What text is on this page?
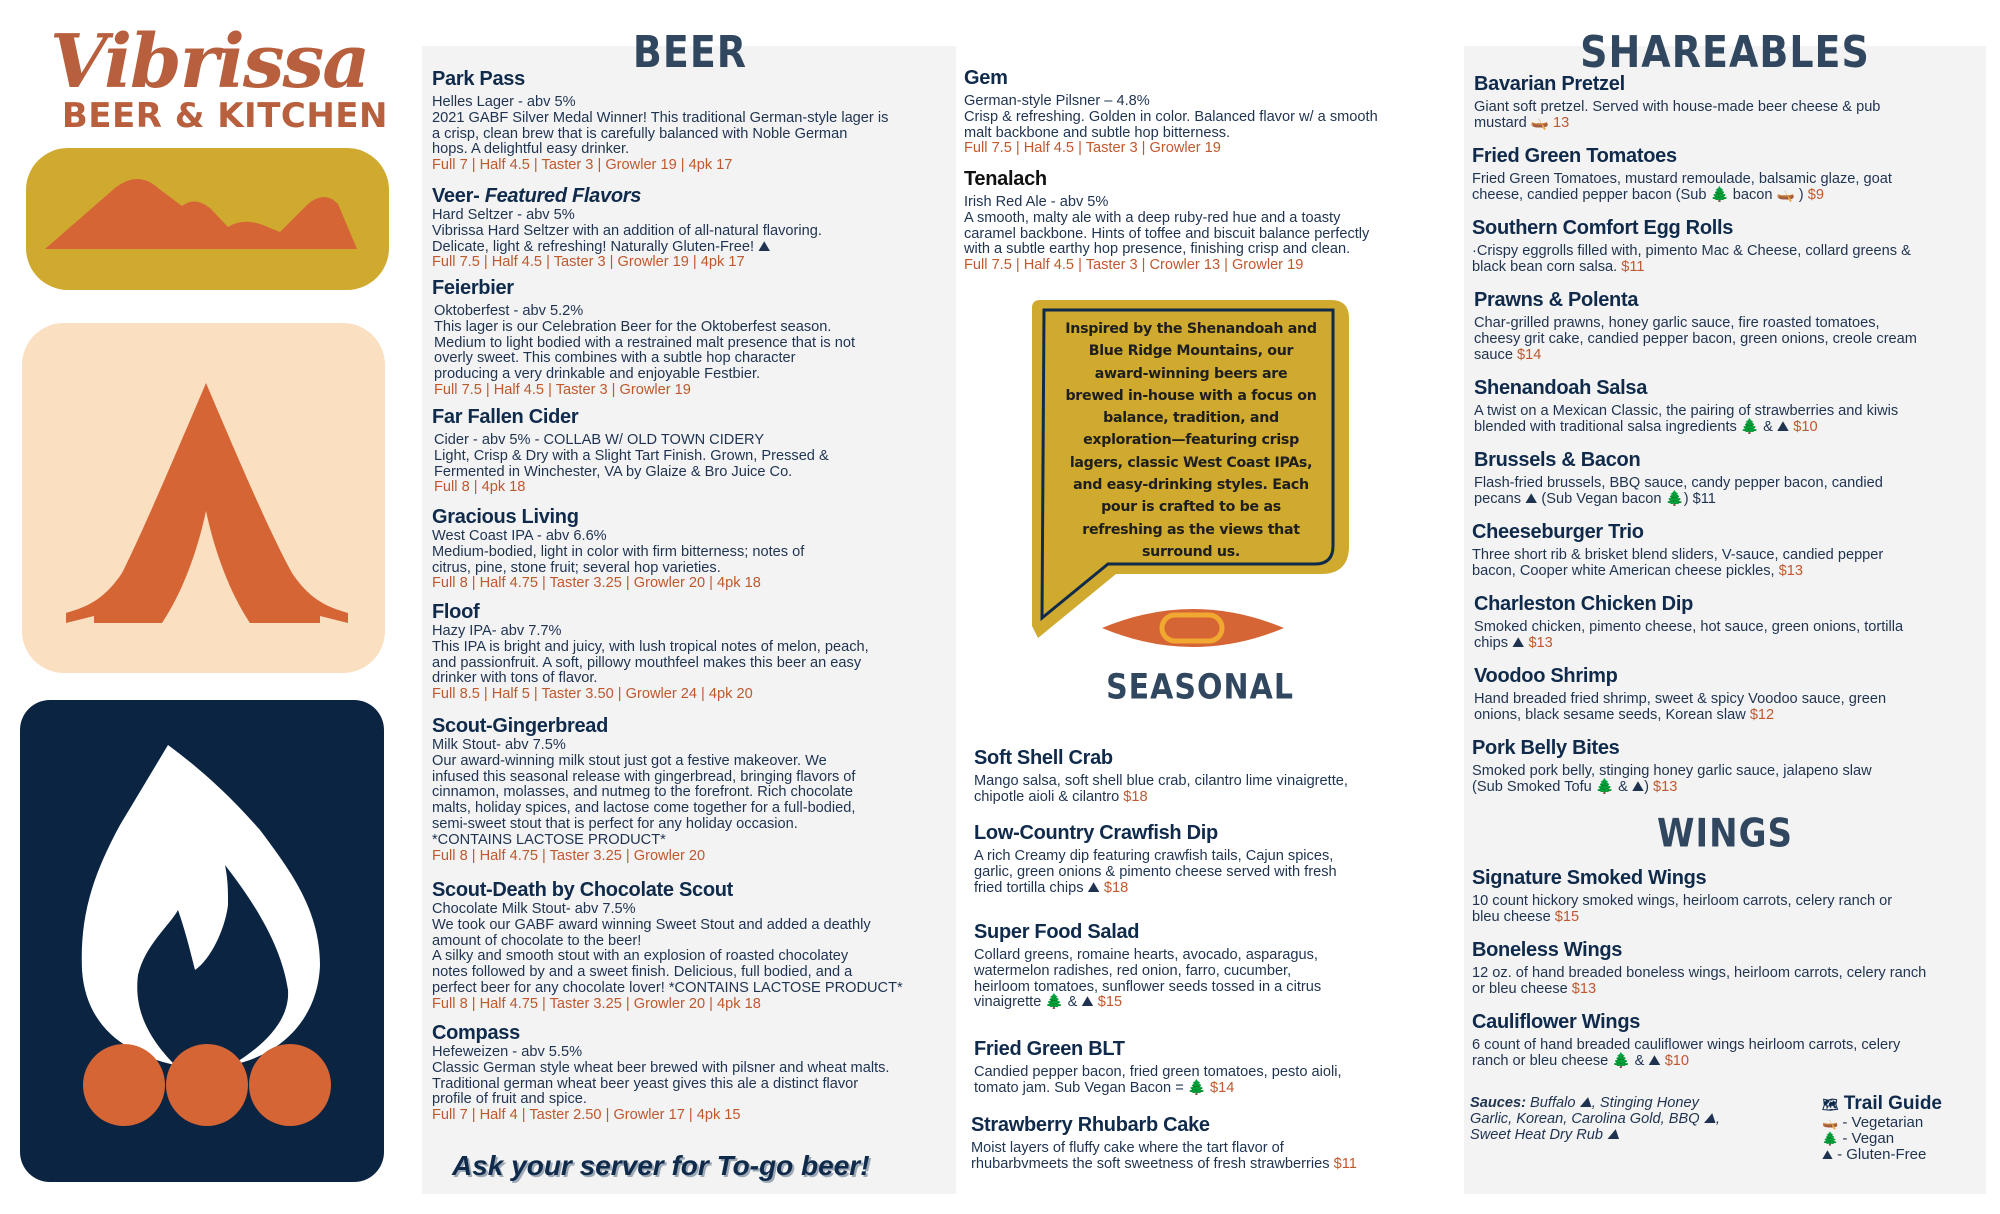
Vibrissa
BEER & KITCHEN
BEER
Park Pass
Helles Lager - abv 5%
2021 GABF Silver Medal Winner! This traditional German-style lager is
a crisp, clean brew that is carefully balanced with Noble German
hops. A delightful easy drinker.
Full 7 | Half 4.5 | Taster 3 | Growler 19 | 4pk 17
Veer- Featured Flavors
Hard Seltzer - abv 5%
Vibrissa Hard Seltzer with an addition of all-natural flavoring.
Delicate, light & refreshing! Naturally Gluten-Free! ⛰
Full 7.5 | Half 4.5 | Taster 3 | Growler 19 | 4pk 17
Feierbier
Oktoberfest - abv 5.2%
This lager is our Celebration Beer for the Oktoberfest season.
Medium to light bodied with a restrained malt presence that is not
overly sweet. This combines with a subtle hop character
producing a very drinkable and enjoyable Festbier.
Full 7.5 | Half 4.5 | Taster 3 | Growler 19
Far Fallen Cider
Cider - abv 5% - COLLAB W/ OLD TOWN CIDERY
Light, Crisp & Dry with a Slight Tart Finish. Grown, Pressed &
Fermented in Winchester, VA by Glaize & Bro Juice Co.
Full 8 | 4pk 18
Gracious Living
West Coast IPA - abv 6.6%
Medium-bodied, light in color with firm bitterness; notes of
citrus, pine, stone fruit; several hop varieties.
Full 8 | Half 4.75 | Taster 3.25 | Growler 20 | 4pk 18
Floof
Hazy IPA- abv 7.7%
This IPA is bright and juicy, with lush tropical notes of melon, peach,
and passionfruit. A soft, pillowy mouthfeel makes this beer an easy
drinker with tons of flavor.
Full 8.5 | Half 5 | Taster 3.50 | Growler 24 | 4pk 20
Scout-Gingerbread
Milk Stout- abv 7.5%
Our award-winning milk stout just got a festive makeover. We
infused this seasonal release with gingerbread, bringing flavors of
cinnamon, molasses, and nutmeg to the forefront. Rich chocolate
malts, holiday spices, and lactose come together for a full-bodied,
semi-sweet stout that is perfect for any holiday occasion.
*CONTAINS LACTOSE PRODUCT*
Full 8 | Half 4.75 | Taster 3.25 | Growler 20
Scout-Death by Chocolate Scout
Chocolate Milk Stout- abv 7.5%
We took our GABF award winning Sweet Stout and added a deathly
amount of chocolate to the beer!
A silky and smooth stout with an explosion of roasted chocolatey
notes followed by and a sweet finish. Delicious, full bodied, and a
perfect beer for any chocolate lover! *CONTAINS LACTOSE PRODUCT*
Full 8 | Half 4.75 | Taster 3.25 | Growler 20 | 4pk 18
Compass
Hefeweizen - abv 5.5%
Classic German style wheat beer brewed with pilsner and wheat malts.
Traditional german wheat beer yeast gives this ale a distinct flavor
profile of fruit and spice.
Full 7 | Half 4 | Taster 2.50 | Growler 17 | 4pk 15
Ask your server for To-go beer!
Gem
German-style Pilsner – 4.8%
Crisp & refreshing. Golden in color. Balanced flavor w/ a smooth
malt backbone and subtle hop bitterness.
Full 7.5 | Half 4.5 | Taster 3 | Growler 19
Tenalach
Irish Red Ale - abv 5%
A smooth, malty ale with a deep ruby-red hue and a toasty
caramel backbone. Hints of toffee and biscuit balance perfectly
with a subtle earthy hop presence, finishing crisp and clean.
Full 7.5 | Half 4.5 | Taster 3 | Crowler 13 | Growler 19
Inspired by the Shenandoah and
Blue Ridge Mountains, our
award-winning beers are
brewed in-house with a focus on
balance, tradition, and
exploration—featuring crisp
lagers, classic West Coast IPAs,
and easy-drinking styles. Each
pour is crafted to be as
refreshing as the views that
surround us.
SEASONAL
Soft Shell Crab
Mango salsa, soft shell blue crab, cilantro lime vinaigrette,
chipotle aioli & cilantro $18
Low-Country Crawfish Dip
A rich Creamy dip featuring crawfish tails, Cajun spices,
garlic, green onions & pimento cheese served with fresh
fried tortilla chips ⛰ $18
Super Food Salad
Collard greens, romaine hearts, avocado, asparagus,
watermelon radishes, red onion, farro, cucumber,
heirloom tomatoes, sunflower seeds tossed in a citrus
vinaigrette 🌲 & ⛰ $15
Fried Green BLT
Candied pepper bacon, fried green tomatoes, pesto aioli,
tomato jam. Sub Vegan Bacon = 🌲 $14
Strawberry Rhubarb Cake
Moist layers of fluffy cake where the tart flavor of
rhubarbvmeets the soft sweetness of fresh strawberries $11
SHAREABLES
Bavarian Pretzel
Giant soft pretzel. Served with house-made beer cheese & pub
mustard 🛶 13
Fried Green Tomatoes
Fried Green Tomatoes, mustard remoulade, balsamic glaze, goat
cheese, candied pepper bacon (Sub 🌲 bacon 🛶 ) $9
Southern Comfort Egg Rolls
·Crispy eggrolls filled with, pimento Mac & Cheese, collard greens &
black bean corn salsa. $11
Prawns & Polenta
Char-grilled prawns, honey garlic sauce, fire roasted tomatoes,
cheesy grit cake, candied pepper bacon, green onions, creole cream
sauce $14
Shenandoah Salsa
A twist on a Mexican Classic, the pairing of strawberries and kiwis
blended with traditional salsa ingredients 🌲 & ⛰ $10
Brussels & Bacon
Flash-fried brussels, BBQ sauce, candy pepper bacon, candied
pecans ⛰ (Sub Vegan bacon 🌲) $11
Cheeseburger Trio
Three short rib & brisket blend sliders, V-sauce, candied pepper
bacon, Cooper white American cheese pickles, $13
Charleston Chicken Dip
Smoked chicken, pimento cheese, hot sauce, green onions, tortilla
chips ⛰ $13
Voodoo Shrimp
Hand breaded fried shrimp, sweet & spicy Voodoo sauce, green
onions, black sesame seeds, Korean slaw $12
Pork Belly Bites
Smoked pork belly, stinging honey garlic sauce, jalapeno slaw
(Sub Smoked Tofu 🌲 & ⛰) $13
WINGS
Signature Smoked Wings
10 count hickory smoked wings, heirloom carrots, celery ranch or
bleu cheese $15
Boneless Wings
12 oz. of hand breaded boneless wings, heirloom carrots, celery ranch
or bleu cheese $13
Cauliflower Wings
6 count of hand breaded cauliflower wings heirloom carrots, celery
ranch or bleu cheese 🌲 & ⛰ $10
Sauces: Buffalo ⛰, Stinging Honey
Garlic, Korean, Carolina Gold, BBQ ⛰,
Sweet Heat Dry Rub ⛰
🗺 Trail Guide
🛶 - Vegetarian
🌲 - Vegan
⛰ - Gluten-Free
